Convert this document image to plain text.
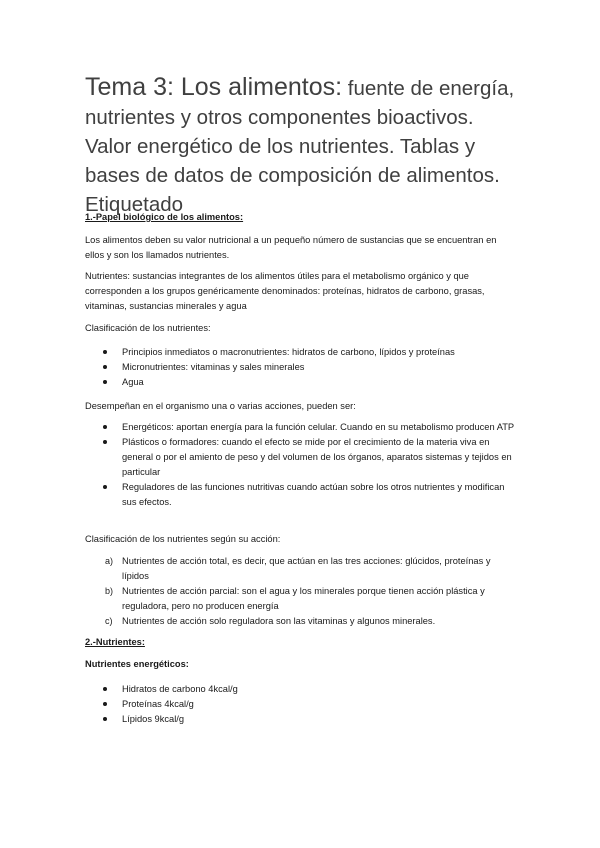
Tema 3: Los alimentos: fuente de energía, nutrientes y otros componentes bioactivos. Valor energético de los nutrientes. Tablas y bases de datos de composición de alimentos. Etiquetado

1.-Papel biológico de los alimentos:

Los alimentos deben su valor nutricional a un pequeño número de sustancias que se encuentran en ellos y son los llamados nutrientes.

Nutrientes: sustancias integrantes de los alimentos útiles para el metabolismo orgánico y que corresponden a los grupos genéricamente denominados: proteínas, hidratos de carbono, grasas, vitaminas, sustancias minerales y agua

Clasificación de los nutrientes:

Principios inmediatos o macronutrientes: hidratos de carbono, lípidos y proteínas
Micronutrientes: vitaminas y sales minerales
Agua

Desempeñan en el organismo una o varias acciones, pueden ser:

Energéticos: aportan energía para la función celular. Cuando en su metabolismo producen ATP
Plásticos o formadores: cuando el efecto se mide por el crecimiento de la materia viva en general o por el amiento de peso y del volumen de los órganos, aparatos sistemas y tejidos en particular
Reguladores de las funciones nutritivas cuando actúan sobre los otros nutrientes y modifican sus efectos.

Clasificación de los nutrientes según su acción:

a) Nutrientes de acción total, es decir, que actúan en las tres acciones: glúcidos, proteínas y lípidos
b) Nutrientes de acción parcial: son el agua y los minerales porque tienen acción plástica y reguladora, pero no producen energía
c) Nutrientes de acción solo reguladora son las vitaminas y algunos minerales.

2.-Nutrientes:

Nutrientes energéticos:

Hidratos de carbono 4kcal/g
Proteínas 4kcal/g
Lípidos 9kcal/g
